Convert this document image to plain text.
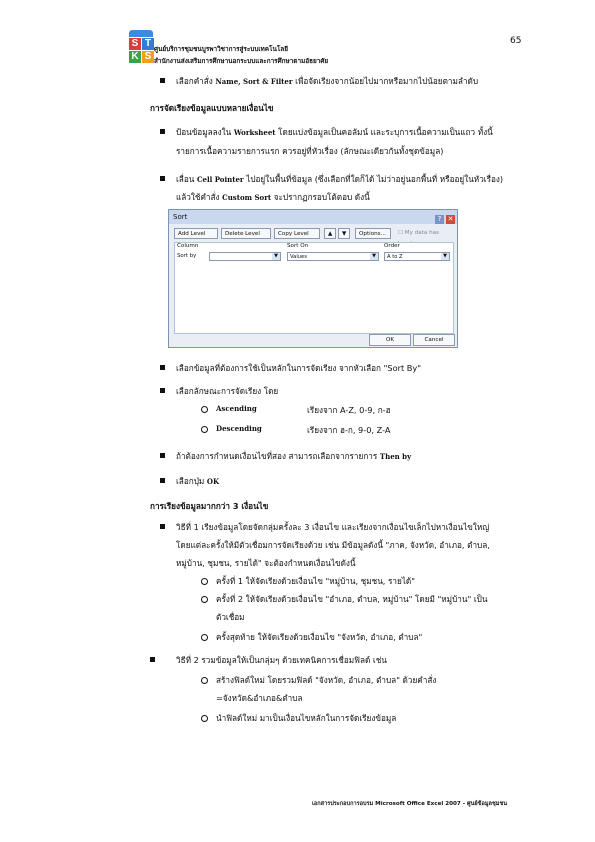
S T
K S
ศูนย์บริการชุมชนบูรพาวิชาการสู่ระบบเทคโนโลยี
สำนักงานส่งเสริมการศึกษานอกระบบและการศึกษาตามอัธยาศัย
65
เลือกคำสั่ง Name, Sort & Filter เพื่อจัดเรียงจากน้อยไปมากหรือมากไปน้อยตามลำดับ
การจัดเรียงข้อมูลแบบหลายเงื่อนไข
ป้อนข้อมูลลงใน Worksheet โดยแบ่งข้อมูลเป็นคอลัมน์ และระบุการเนื้อความเป็นแถว ทั้งนี้
รายการเนื้อความรายการแรก ควรอยู่ที่หัวเรื่อง (ลักษณะเดียวกันทั้งชุดข้อมูล)
เลื่อน Cell Pointer ไปอยู่ในพื้นที่ข้อมูล (ซึ่งเลือกที่ใดก็ได้ ไม่ว่าอยู่นอกพื้นที่ หรืออยู่ในหัวเรื่อง)
แล้วใช้คำสั่ง Custom Sort จะปรากฏกรอบโต้ตอบ ดังนี้
Sort	? ✕
Add Level	Delete Level	Copy Level	▲	▼	Options...	☐ My data has
Column	Sort On	Order
Sort by	▼	Values	▼	A to Z	▼
OK	Cancel
เลือกข้อมูลที่ต้องการใช้เป็นหลักในการจัดเรียง จากหัวเลือก "Sort By"
เลือกลักษณะการจัดเรียง โดย
Ascending	เรียงจาก A-Z, 0-9, ก-ฮ
Descending	เรียงจาก ฮ-ก, 9-0, Z-A
ถ้าต้องการกำหนดเงื่อนไขที่สอง สามารถเลือกจากรายการ Then by
เลือกปุ่ม OK
การเรียงข้อมูลมากกว่า 3 เงื่อนไข
วิธีที่ 1 เรียงข้อมูลโดยจัดกลุ่มครั้งละ 3 เงื่อนไข และเรียงจากเงื่อนไขเล็กไปหาเงื่อนไขใหญ่
โดยแต่ละครั้งให้มีตัวเชื่อมการจัดเรียงด้วย เช่น มีข้อมูลดังนี้ "ภาค, จังหวัด, อำเภอ, ตำบล,
หมู่บ้าน, ชุมชน, รายได้" จะต้องกำหนดเงื่อนไขดังนี้
ครั้งที่ 1 ให้จัดเรียงด้วยเงื่อนไข "หมู่บ้าน, ชุมชน, รายได้"
ครั้งที่ 2 ให้จัดเรียงด้วยเงื่อนไข "อำเภอ, ตำบล, หมู่บ้าน" โดยมี "หมู่บ้าน" เป็น
ตัวเชื่อม
ครั้งสุดท้าย ให้จัดเรียงด้วยเงื่อนไข "จังหวัด, อำเภอ, ตำบล"
วิธีที่ 2 รวมข้อมูลให้เป็นกลุ่มๆ ด้วยเทคนิคการเชื่อมฟิลด์ เช่น
สร้างฟิลด์ใหม่ โดยรวมฟิลด์ "จังหวัด, อำเภอ, ตำบล" ด้วยคำสั่ง
=จังหวัด&อำเภอ&ตำบล
นำฟิลด์ใหม่ มาเป็นเงื่อนไขหลักในการจัดเรียงข้อมูล
เอกสารประกอบการอบรม Microsoft Office Excel 2007 - ศูนย์ข้อมูลชุมชน
